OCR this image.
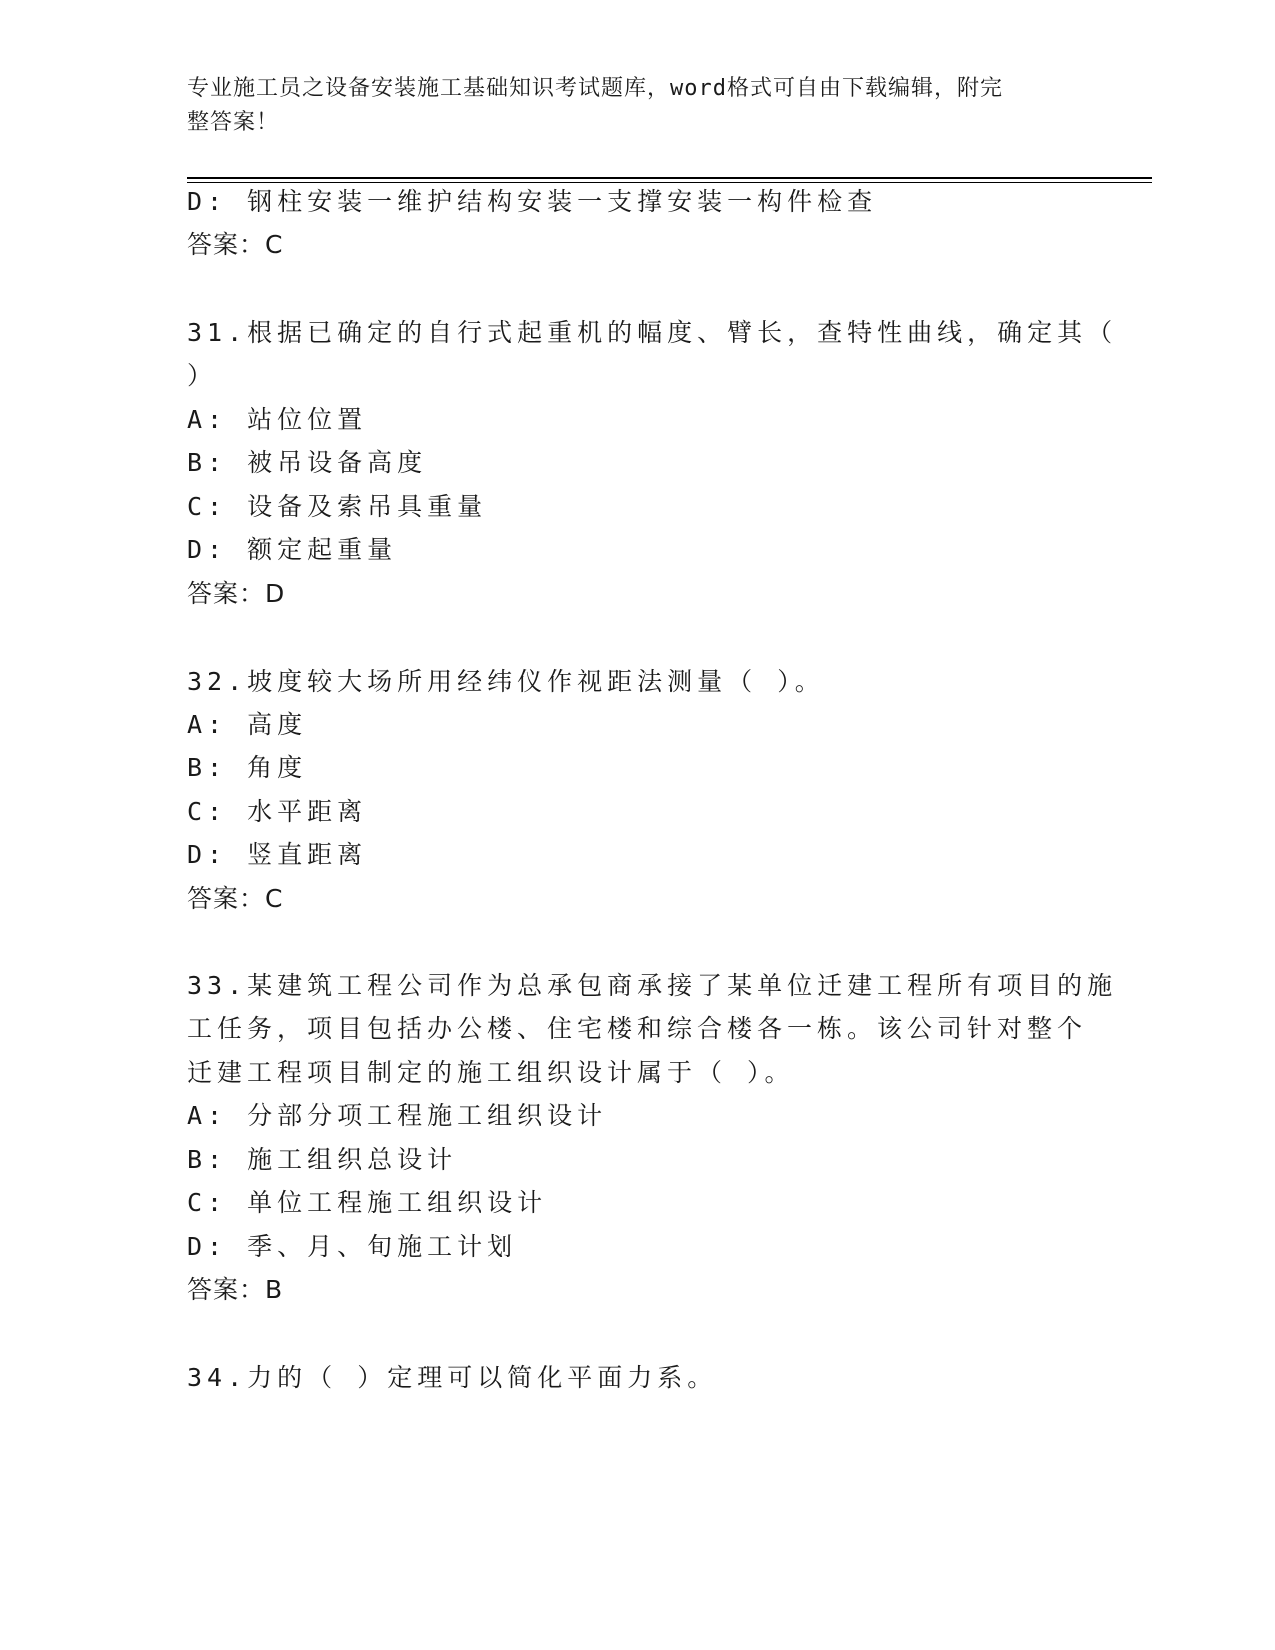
专业施工员之设备安装施工基础知识考试题库，word格式可自由下载编辑，附完
整答案！
D: 钢柱安装一维护结构安装一支撑安装一构件检查
答案：C
31.根据已确定的自行式起重机的幅度、臂长，查特性曲线，确定其（
）
A: 站位位置
B: 被吊设备高度
C: 设备及索吊具重量
D: 额定起重量
答案：D
32.坡度较大场所用经纬仪作视距法测量（ ）。
A: 高度
B: 角度
C: 水平距离
D: 竖直距离
答案：C
33.某建筑工程公司作为总承包商承接了某单位迁建工程所有项目的施
工任务，项目包括办公楼、住宅楼和综合楼各一栋。该公司针对整个
迁建工程项目制定的施工组织设计属于（ ）。
A: 分部分项工程施工组织设计
B: 施工组织总设计
C: 单位工程施工组织设计
D: 季、月、旬施工计划
答案：B
34.力的（ ）定理可以简化平面力系。
